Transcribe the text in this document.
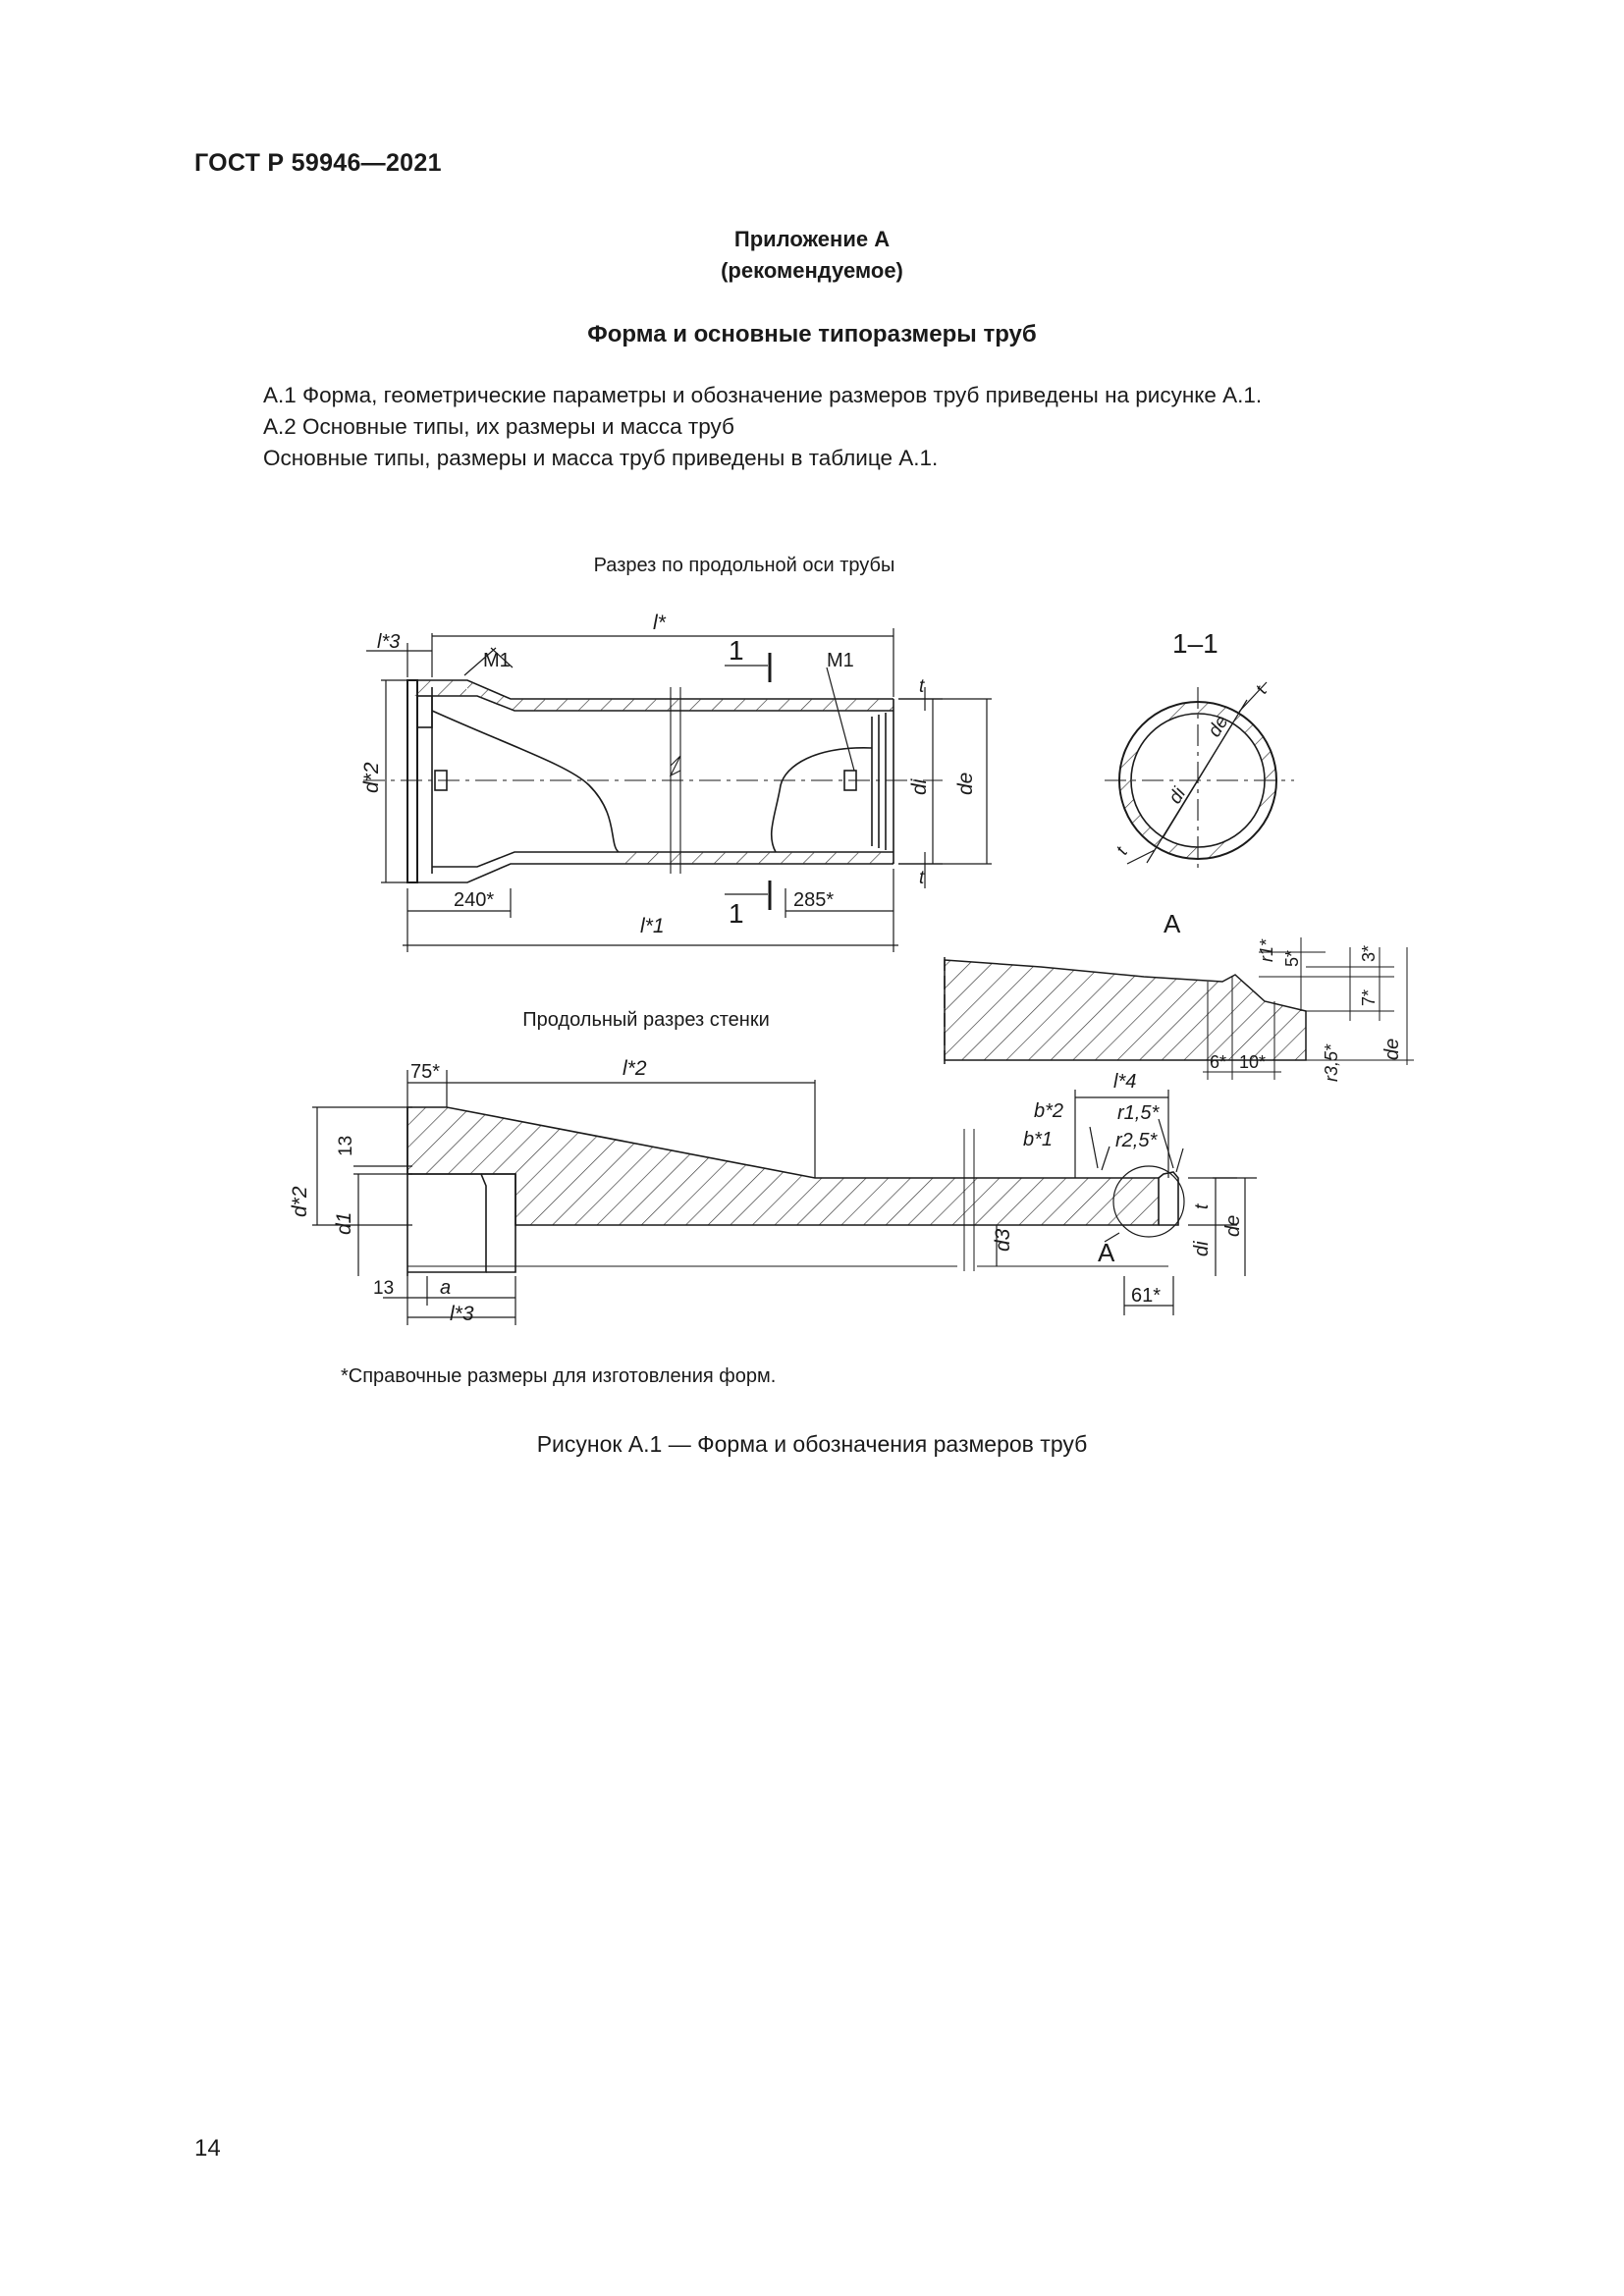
ГОСТ Р 59946—2021
Приложение А
(рекомендуемое)
Форма и основные типоразмеры труб
А.1 Форма, геометрические параметры и обозначение размеров труб приведены на рисунке А.1.
А.2 Основные типы, их размеры и масса труб
Основные типы, размеры и масса труб приведены в таблице А.1.
Разрез по продольной оси трубы
l*3
l*
M1	M1
1
1
t
t
d*2	di de
240*	285*
l*1
1–1
de
di
t
t
А
r1* 5*	3*
7*
6* 10*	r3,5* de
Продольный разрез стенки
75*	l*2
l*4
b*2	r1,5*
b*1	r2,5*
13
d*2
d1
d3
t
di
de
А
13 a
l*3
61*
*Справочные размеры для изготовления форм.
Рисунок А.1 — Форма и обозначения размеров труб
14
